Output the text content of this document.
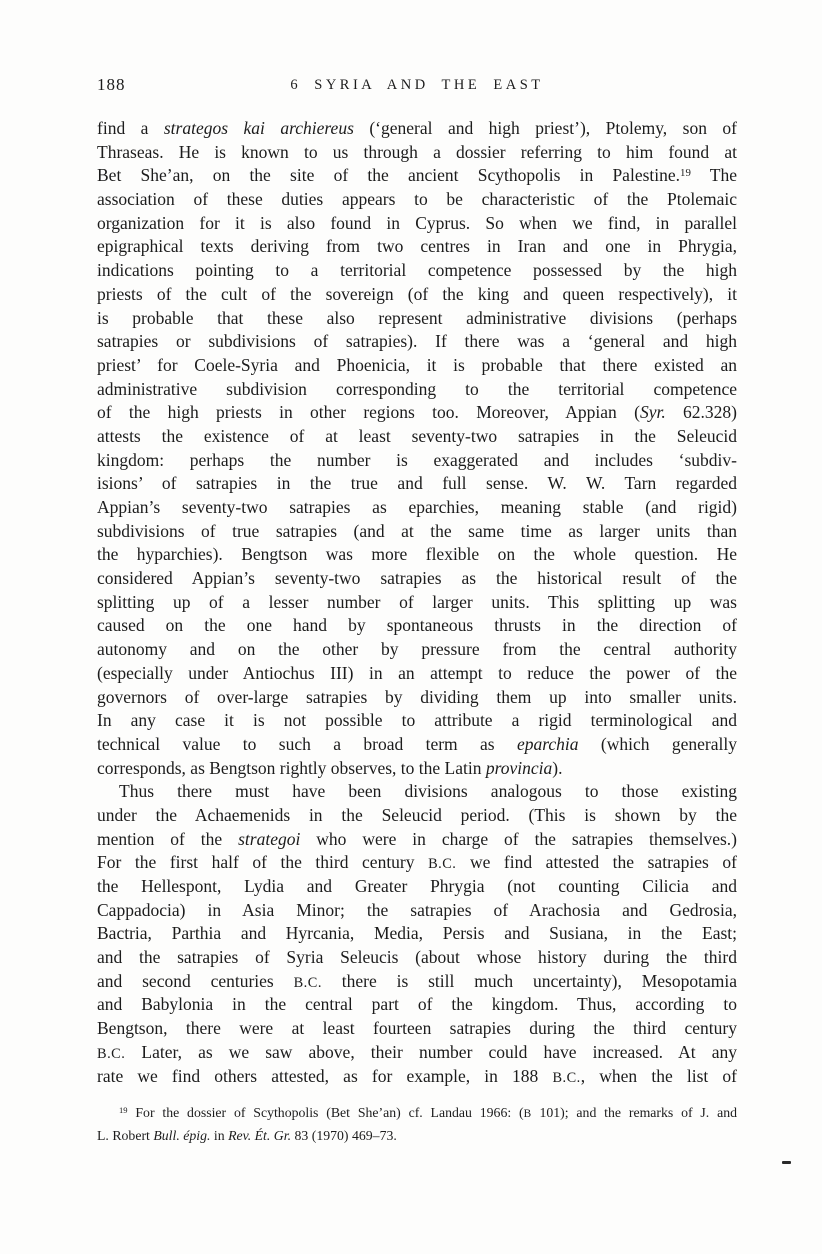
188	6 SYRIA AND THE EAST
find a strategos kai archiereus (‘general and high priest’), Ptolemy, son of
Thraseas. He is known to us through a dossier referring to him found at
Bet She’an, on the site of the ancient Scythopolis in Palestine.$^{19}$ The
association of these duties appears to be characteristic of the Ptolemaic
organization for it is also found in Cyprus. So when we find, in parallel
epigraphical texts deriving from two centres in Iran and one in Phrygia,
indications pointing to a territorial competence possessed by the high
priests of the cult of the sovereign (of the king and queen respectively), it
is probable that these also represent administrative divisions (perhaps
satrapies or subdivisions of satrapies). If there was a ‘general and high
priest’ for Coele-Syria and Phoenicia, it is probable that there existed an
administrative subdivision corresponding to the territorial competence
of the high priests in other regions too. Moreover, Appian (Syr. 62.328)
attests the existence of at least seventy-two satrapies in the Seleucid
kingdom: perhaps the number is exaggerated and includes ‘subdiv-
isions’ of satrapies in the true and full sense. W. W. Tarn regarded
Appian’s seventy-two satrapies as eparchies, meaning stable (and rigid)
subdivisions of true satrapies (and at the same time as larger units than
the hyparchies). Bengtson was more flexible on the whole question. He
considered Appian’s seventy-two satrapies as the historical result of the
splitting up of a lesser number of larger units. This splitting up was
caused on the one hand by spontaneous thrusts in the direction of
autonomy and on the other by pressure from the central authority
(especially under Antiochus III) in an attempt to reduce the power of the
governors of over-large satrapies by dividing them up into smaller units.
In any case it is not possible to attribute a rigid terminological and
technical value to such a broad term as eparchia (which generally
corresponds, as Bengtson rightly observes, to the Latin provincia).
Thus there must have been divisions analogous to those existing
under the Achaemenids in the Seleucid period. (This is shown by the
mention of the strategoi who were in charge of the satrapies themselves.)
For the first half of the third century B.C. we find attested the satrapies of
the Hellespont, Lydia and Greater Phrygia (not counting Cilicia and
Cappadocia) in Asia Minor; the satrapies of Arachosia and Gedrosia,
Bactria, Parthia and Hyrcania, Media, Persis and Susiana, in the East;
and the satrapies of Syria Seleucis (about whose history during the third
and second centuries B.C. there is still much uncertainty), Mesopotamia
and Babylonia in the central part of the kingdom. Thus, according to
Bengtson, there were at least fourteen satrapies during the third century
B.C. Later, as we saw above, their number could have increased. At any
rate we find others attested, as for example, in 188 B.C., when the list of
$^{19}$ For the dossier of Scythopolis (Bet She’an) cf. Landau 1966: (B 101); and the remarks of J. and
L. Robert Bull. épig. in Rev. Ét. Gr. 83 (1970) 469–73.
